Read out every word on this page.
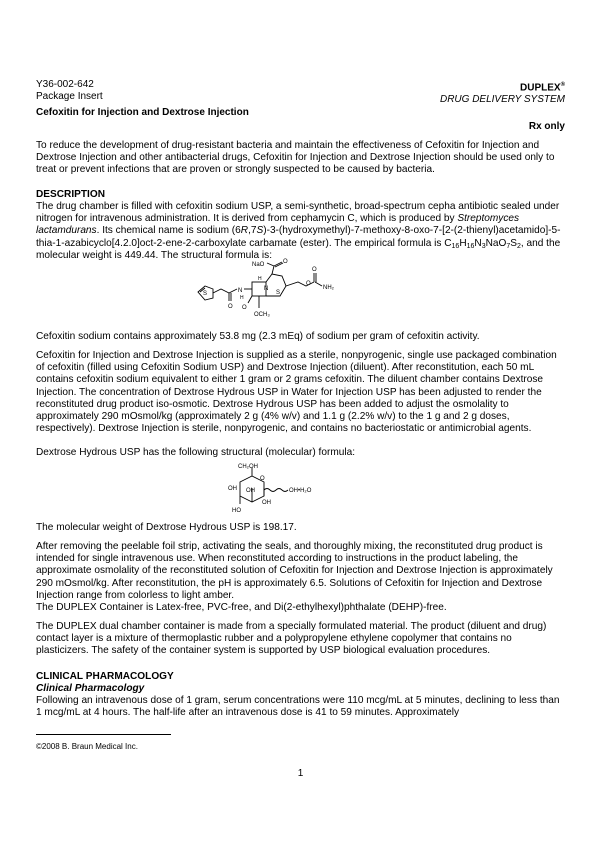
Y36-002-642
Package Insert
DUPLEX®
DRUG DELIVERY SYSTEM
Cefoxitin for Injection and Dextrose Injection
Rx only

To reduce the development of drug-resistant bacteria and maintain the effectiveness of Cefoxitin for Injection and Dextrose Injection and other antibacterial drugs, Cefoxitin for Injection and Dextrose Injection should be used only to treat or prevent infections that are proven or strongly suspected to be caused by bacteria.

DESCRIPTION

The drug chamber is filled with cefoxitin sodium USP, a semi-synthetic, broad-spectrum cepha antibiotic sealed under nitrogen for intravenous administration. It is derived from cephamycin C, which is produced by Streptomyces lactamdurans. Its chemical name is sodium (6R,7S)-3-(hydroxymethyl)-7-methoxy-8-oxo-7-[2-(2-thienyl)acetamido]-5-thia-1-azabicyclo[4.2.0]oct-2-ene-2-carboxylate carbamate (ester). The empirical formula is $C_{16}H_{16}N_3NaO_7S_2$, and the molecular weight is 449.44. The structural formula is:

S
O
N
H
O
OCH₃
H
N
S
NaO	O
O
O
NH₂

Cefoxitin sodium contains approximately 53.8 mg (2.3 mEq) of sodium per gram of cefoxitin activity.

Cefoxitin for Injection and Dextrose Injection is supplied as a sterile, nonpyrogenic, single use packaged combination of cefoxitin (filled using Cefoxitin Sodium USP) and Dextrose Injection (diluent). After reconstitution, each 50 mL contains cefoxitin sodium equivalent to either 1 gram or 2 grams cefoxitin. The diluent chamber contains Dextrose Injection. The concentration of Dextrose Hydrous USP in Water for Injection USP has been adjusted to render the reconstituted drug product iso-osmotic. Dextrose Hydrous USP has been added to adjust the osmolality to approximately 290 mOsmol/kg (approximately 2 g (4% w/v) and 1.1 g (2.2% w/v) to the 1 g and 2 g doses, respectively). Dextrose Injection is sterile, nonpyrogenic, and contains no bacteriostatic or antimicrobial agents.

Dextrose Hydrous USP has the following structural (molecular) formula:

CH₂OH
O
OH OH
OH
HO
OH•H₂O

The molecular weight of Dextrose Hydrous USP is 198.17.

After removing the peelable foil strip, activating the seals, and thoroughly mixing, the reconstituted drug product is intended for single intravenous use. When reconstituted according to instructions in the product labeling, the approximate osmolality of the reconstituted solution of Cefoxitin for Injection and Dextrose Injection is approximately 290 mOsmol/kg. After reconstitution, the pH is approximately 6.5. Solutions of Cefoxitin for Injection and Dextrose Injection range from colorless to light amber.

The DUPLEX Container is Latex-free, PVC-free, and Di(2-ethylhexyl)phthalate (DEHP)-free.

The DUPLEX dual chamber container is made from a specially formulated material. The product (diluent and drug) contact layer is a mixture of thermoplastic rubber and a polypropylene ethylene copolymer that contains no plasticizers. The safety of the container system is supported by USP biological evaluation procedures.

CLINICAL PHARMACOLOGY
Clinical Pharmacology

Following an intravenous dose of 1 gram, serum concentrations were 110 mcg/mL at 5 minutes, declining to less than 1 mcg/mL at 4 hours. The half-life after an intravenous dose is 41 to 59 minutes. Approximately

©2008 B. Braun Medical Inc.
1
